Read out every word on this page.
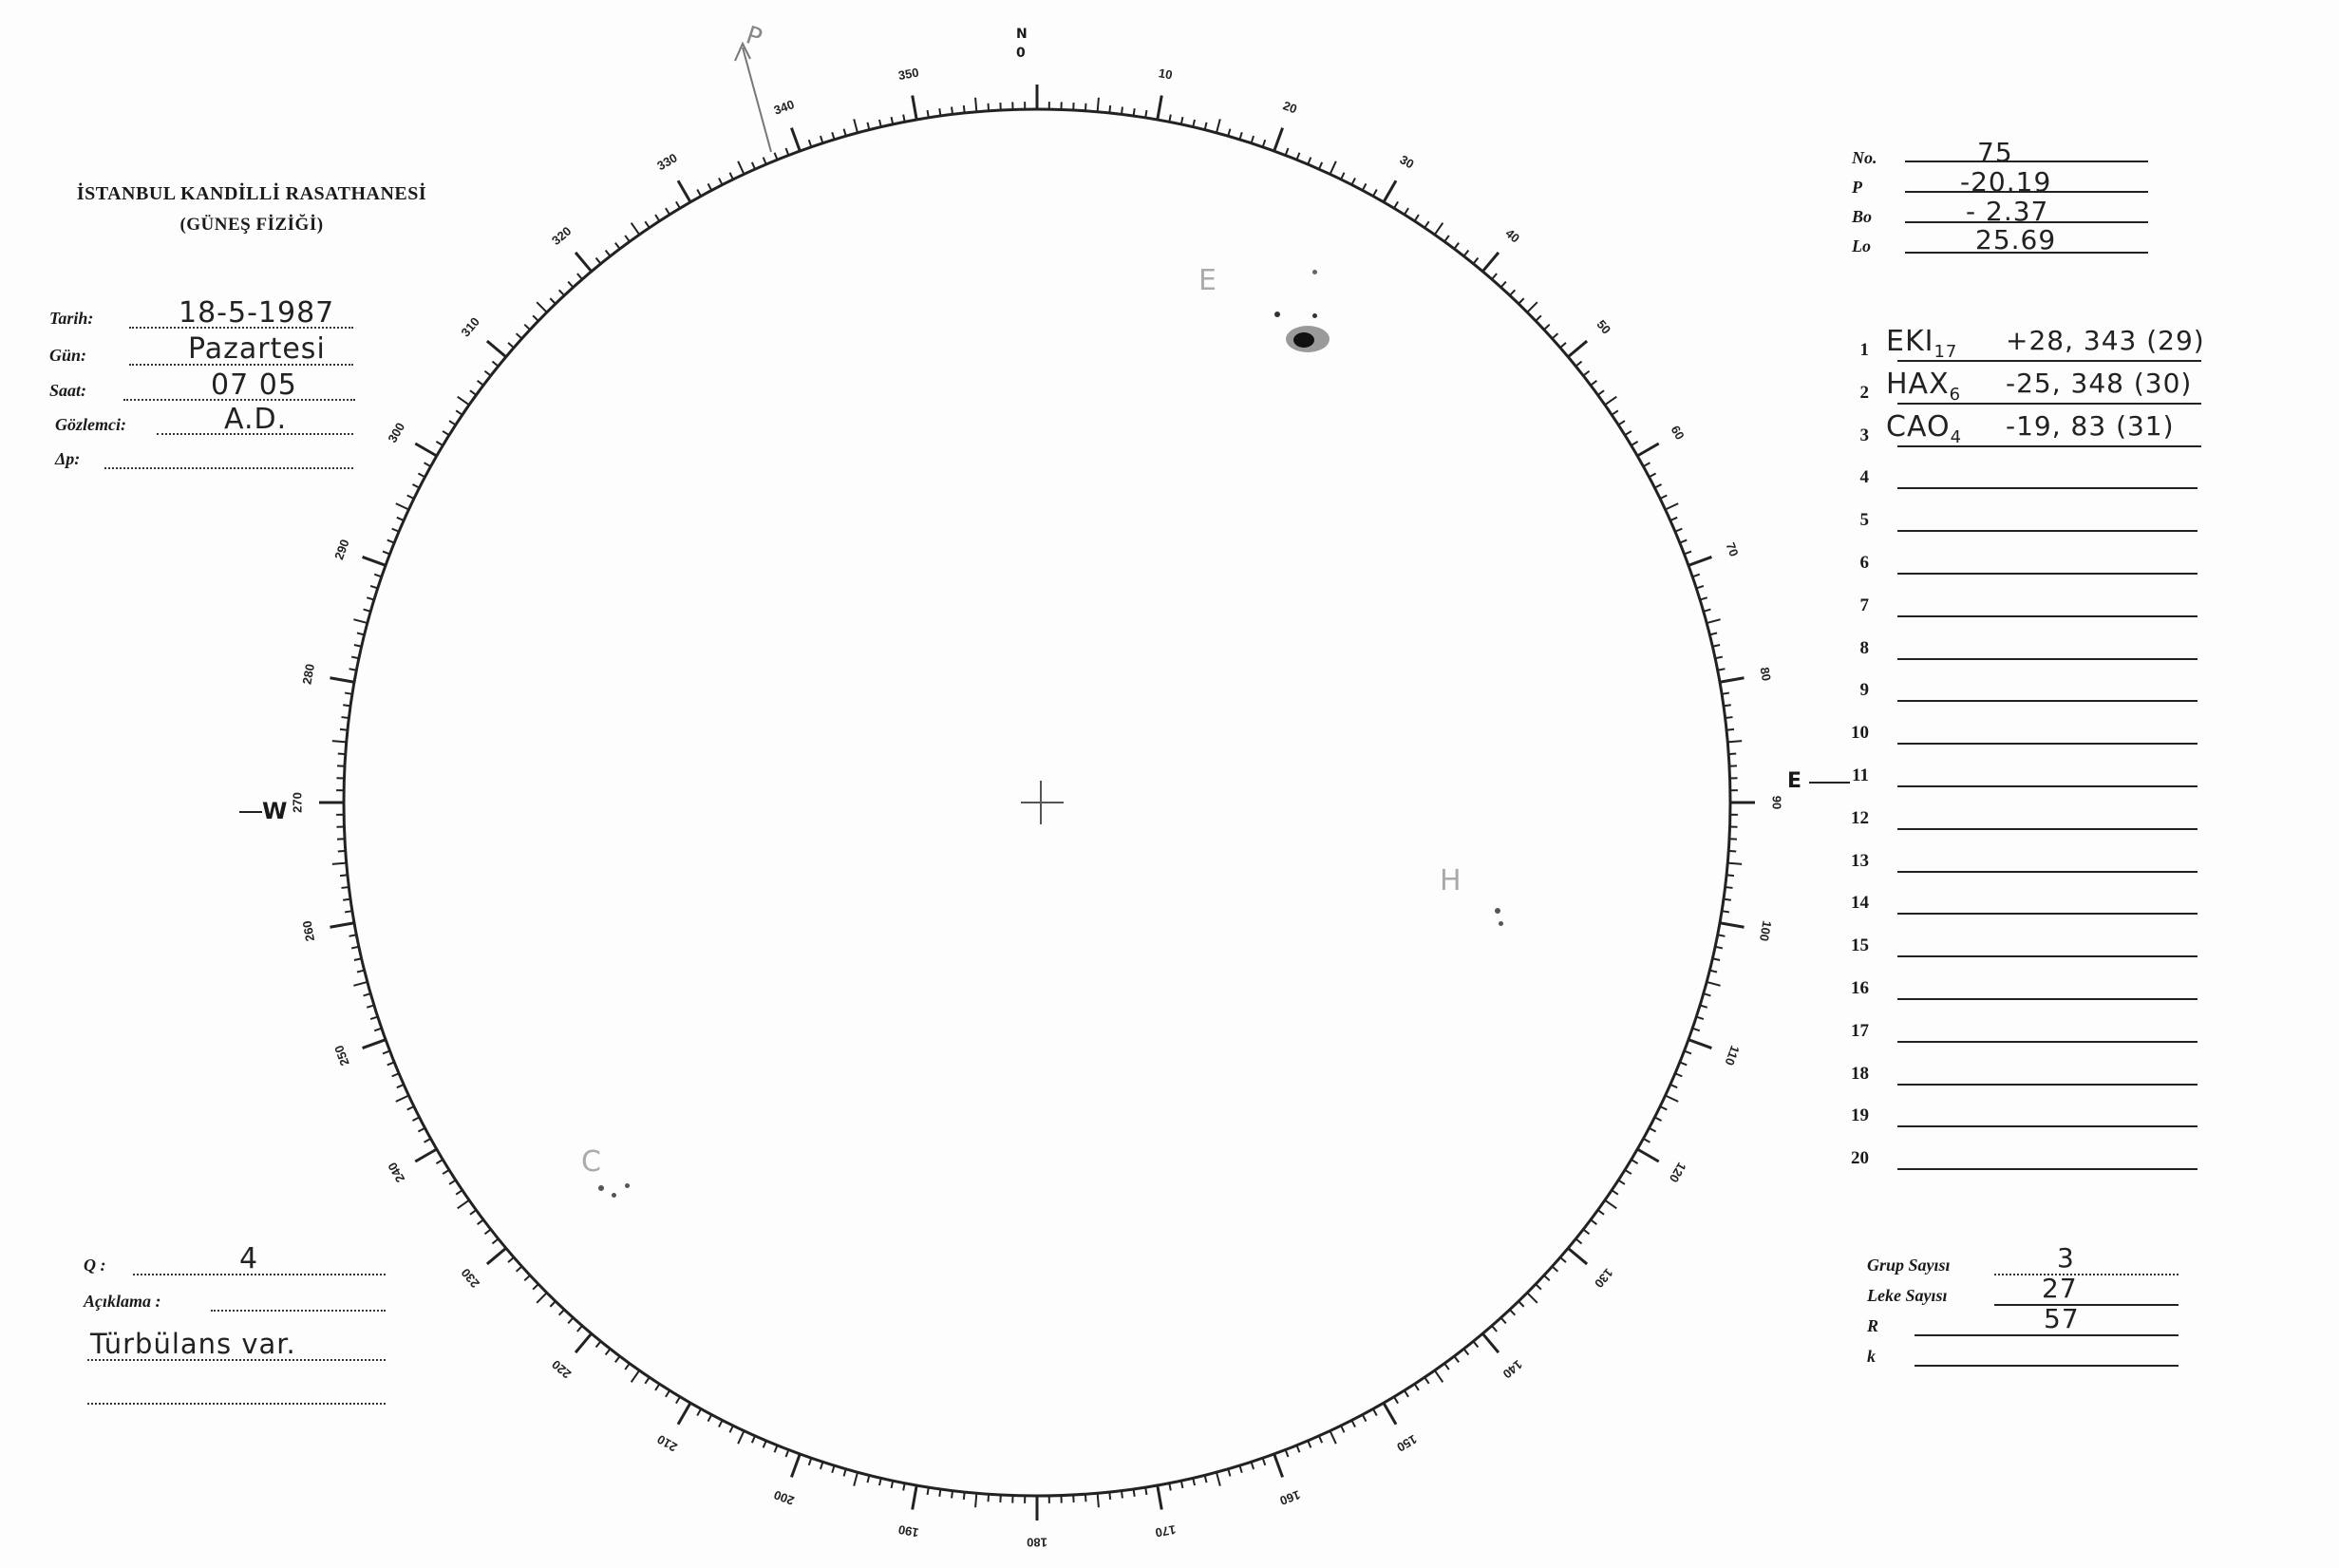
10
20
30
40
50
60
70
80
90
100
110
120
130
140
150
160
170
180
190
200
210
220
230
240
250
260
270
280
290
300
310
320
330
340
350
İSTANBUL KANDİLLİ RASATHANESİ
(GÜNEŞ FİZİĞİ)
Tarih:	18-5-1987
Gün:	Pazartesi
Saat:	07 05
Gözlemci:	A.D.
Δp:
No.	75
P	-20.19
Bo	- 2.37
Lo	25.69
1 $EKI_{17} +28$, 343 (29)
2 $HAX_6$ -25, 348 (30)
3 $CAO_4$ -19, 83 (31)
4
5
6
7
8
9
10
11
12
13
14
15
16
17
18
19
20
Grup Sayısı	3
Leke Sayısı	27
R	57
k
Q :	4
Açıklama :
Türbülans var.
N
0
E
W
P
E
H
C
